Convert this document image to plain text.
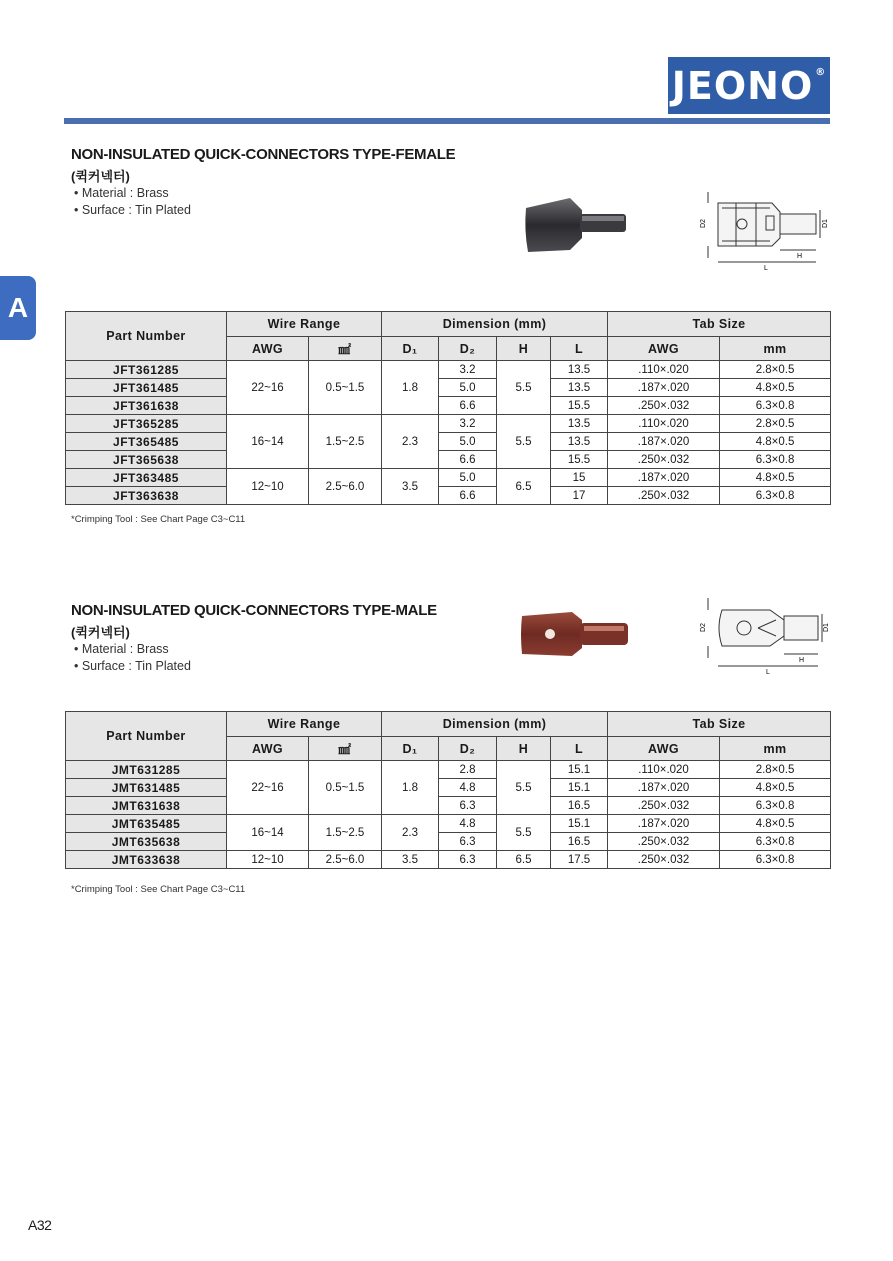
JEONO®
A
NON-INSULATED QUICK-CONNECTORS TYPE-FEMALE
(퀵커넥터)
• Material : Brass
• Surface : Tin Plated
D2	D1
H
L
Part Number	Wire Range		Dimension (mm)				Tab Size	
	AWG	㎟	D₁	D₂	H	L	AWG	mm
JFT361285	22~16	0.5~1.5	1.8	3.2	5.5	13.5	.110×.020	2.8×0.5
JFT361485				5.0		13.5	.187×.020	4.8×0.5
JFT361638				6.6		15.5	.250×.032	6.3×0.8
JFT365285	16~14	1.5~2.5	2.3	3.2	5.5	13.5	.110×.020	2.8×0.5
JFT365485				5.0		13.5	.187×.020	4.8×0.5
JFT365638				6.6		15.5	.250×.032	6.3×0.8
JFT363485	12~10	2.5~6.0	3.5	5.0	6.5	15	.187×.020	4.8×0.5
JFT363638				6.6		17	.250×.032	6.3×0.8
*Crimping Tool : See Chart Page C3~C11
NON-INSULATED QUICK-CONNECTORS TYPE-MALE
(퀵커넥터)
• Material : Brass
• Surface : Tin Plated
D2	D1
H
L
Part Number	Wire Range		Dimension (mm)				Tab Size	
	AWG	㎟	D₁	D₂	H	L	AWG	mm
JMT631285	22~16	0.5~1.5	1.8	2.8	5.5	15.1	.110×.020	2.8×0.5
JMT631485				4.8		15.1	.187×.020	4.8×0.5
JMT631638				6.3		16.5	.250×.032	6.3×0.8
JMT635485	16~14	1.5~2.5	2.3	4.8	5.5	15.1	.187×.020	4.8×0.5
JMT635638				6.3		16.5	.250×.032	6.3×0.8
JMT633638	12~10	2.5~6.0	3.5	6.3	6.5	17.5	.250×.032	6.3×0.8
*Crimping Tool : See Chart Page C3~C11
A32
